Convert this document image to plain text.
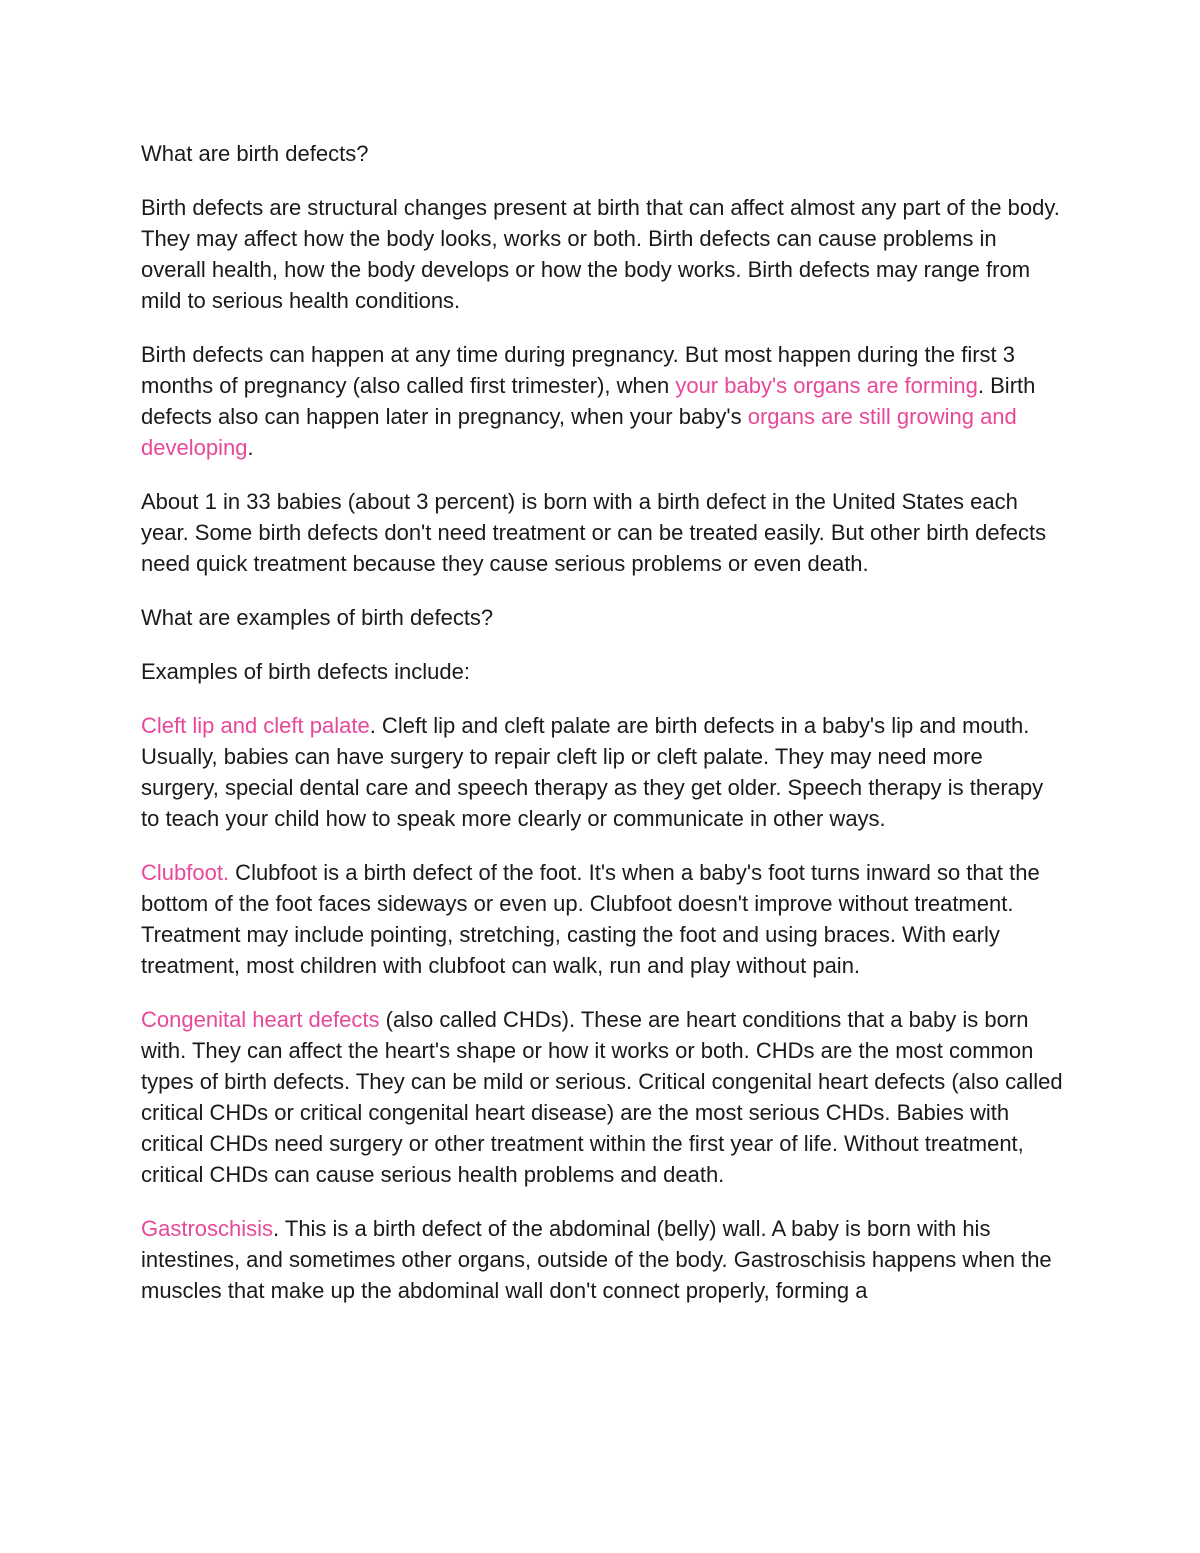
What are birth defects?

Birth defects are structural changes present at birth that can affect almost any part of the body. They may affect how the body looks, works or both. Birth defects can cause problems in overall health, how the body develops or how the body works. Birth defects may range from mild to serious health conditions.

Birth defects can happen at any time during pregnancy. But most happen during the first 3 months of pregnancy (also called first trimester), when your baby's organs are forming. Birth defects also can happen later in pregnancy, when your baby's organs are still growing and developing.

About 1 in 33 babies (about 3 percent) is born with a birth defect in the United States each year. Some birth defects don't need treatment or can be treated easily. But other birth defects need quick treatment because they cause serious problems or even death.

What are examples of birth defects?

Examples of birth defects include:

Cleft lip and cleft palate. Cleft lip and cleft palate are birth defects in a baby's lip and mouth. Usually, babies can have surgery to repair cleft lip or cleft palate. They may need more surgery, special dental care and speech therapy as they get older. Speech therapy is therapy to teach your child how to speak more clearly or communicate in other ways.

Clubfoot. Clubfoot is a birth defect of the foot. It's when a baby's foot turns inward so that the bottom of the foot faces sideways or even up. Clubfoot doesn't improve without treatment. Treatment may include pointing, stretching, casting the foot and using braces. With early treatment, most children with clubfoot can walk, run and play without pain.

Congenital heart defects (also called CHDs). These are heart conditions that a baby is born with. They can affect the heart's shape or how it works or both. CHDs are the most common types of birth defects. They can be mild or serious. Critical congenital heart defects (also called critical CHDs or critical congenital heart disease) are the most serious CHDs. Babies with critical CHDs need surgery or other treatment within the first year of life. Without treatment, critical CHDs can cause serious health problems and death.

Gastroschisis. This is a birth defect of the abdominal (belly) wall. A baby is born with his intestines, and sometimes other organs, outside of the body. Gastroschisis happens when the muscles that make up the abdominal wall don't connect properly, forming a
